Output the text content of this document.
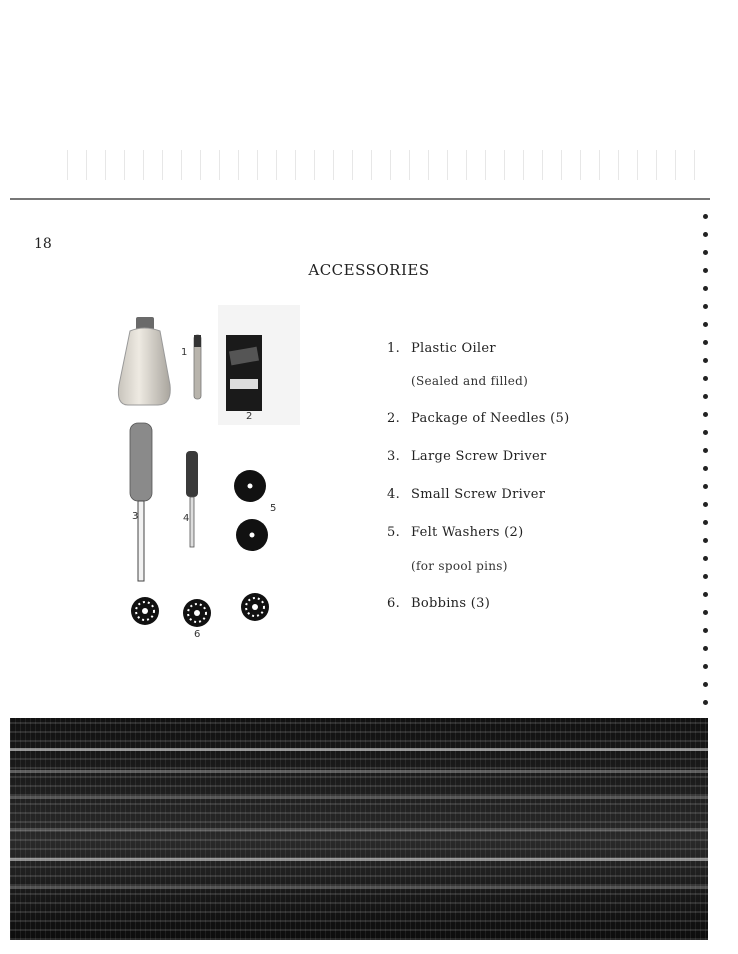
18
ACCESSORIES
1
2
3	4
5
6
1. Plastic Oiler
(Sealed and filled)
2. Package of Needles (5)
3. Large Screw Driver
4. Small Screw Driver
5. Felt Washers (2)
(for spool pins)
6. Bobbins (3)
